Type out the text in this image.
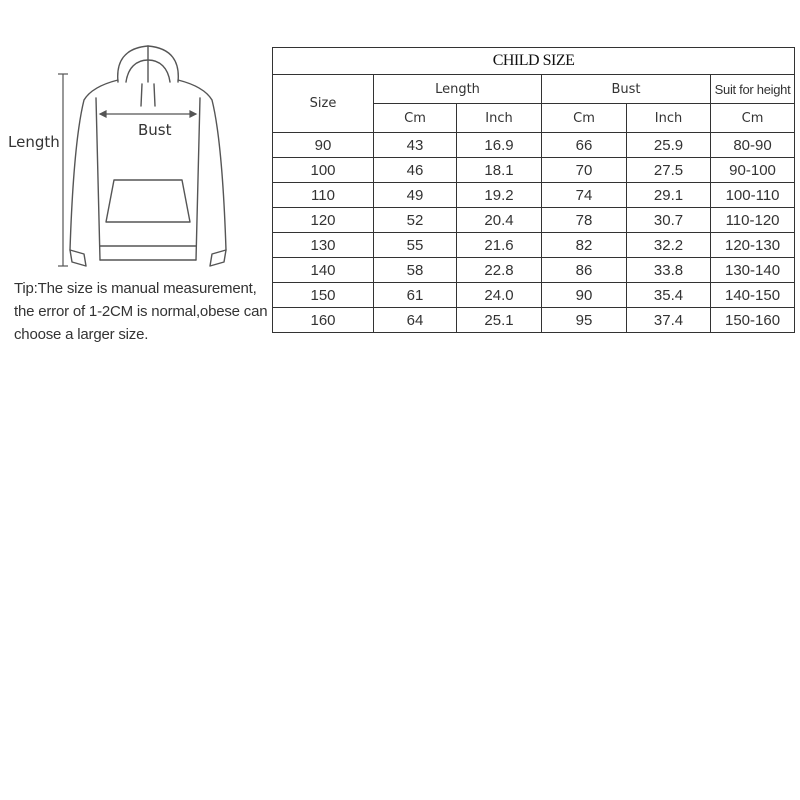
Length
Bust
Tip:The size is manual measurement, the error of 1-2CM is normal,obese can choose a larger size.
CHILD SIZE					
Size	Length		Bust		Suit for height
	Cm	Inch	Cm	Inch	Cm
90	43	16.9	66	25.9	80-90
100	46	18.1	70	27.5	90-100
110	49	19.2	74	29.1	100-110
120	52	20.4	78	30.7	110-120
130	55	21.6	82	32.2	120-130
140	58	22.8	86	33.8	130-140
150	61	24.0	90	35.4	140-150
160	64	25.1	95	37.4	150-160
